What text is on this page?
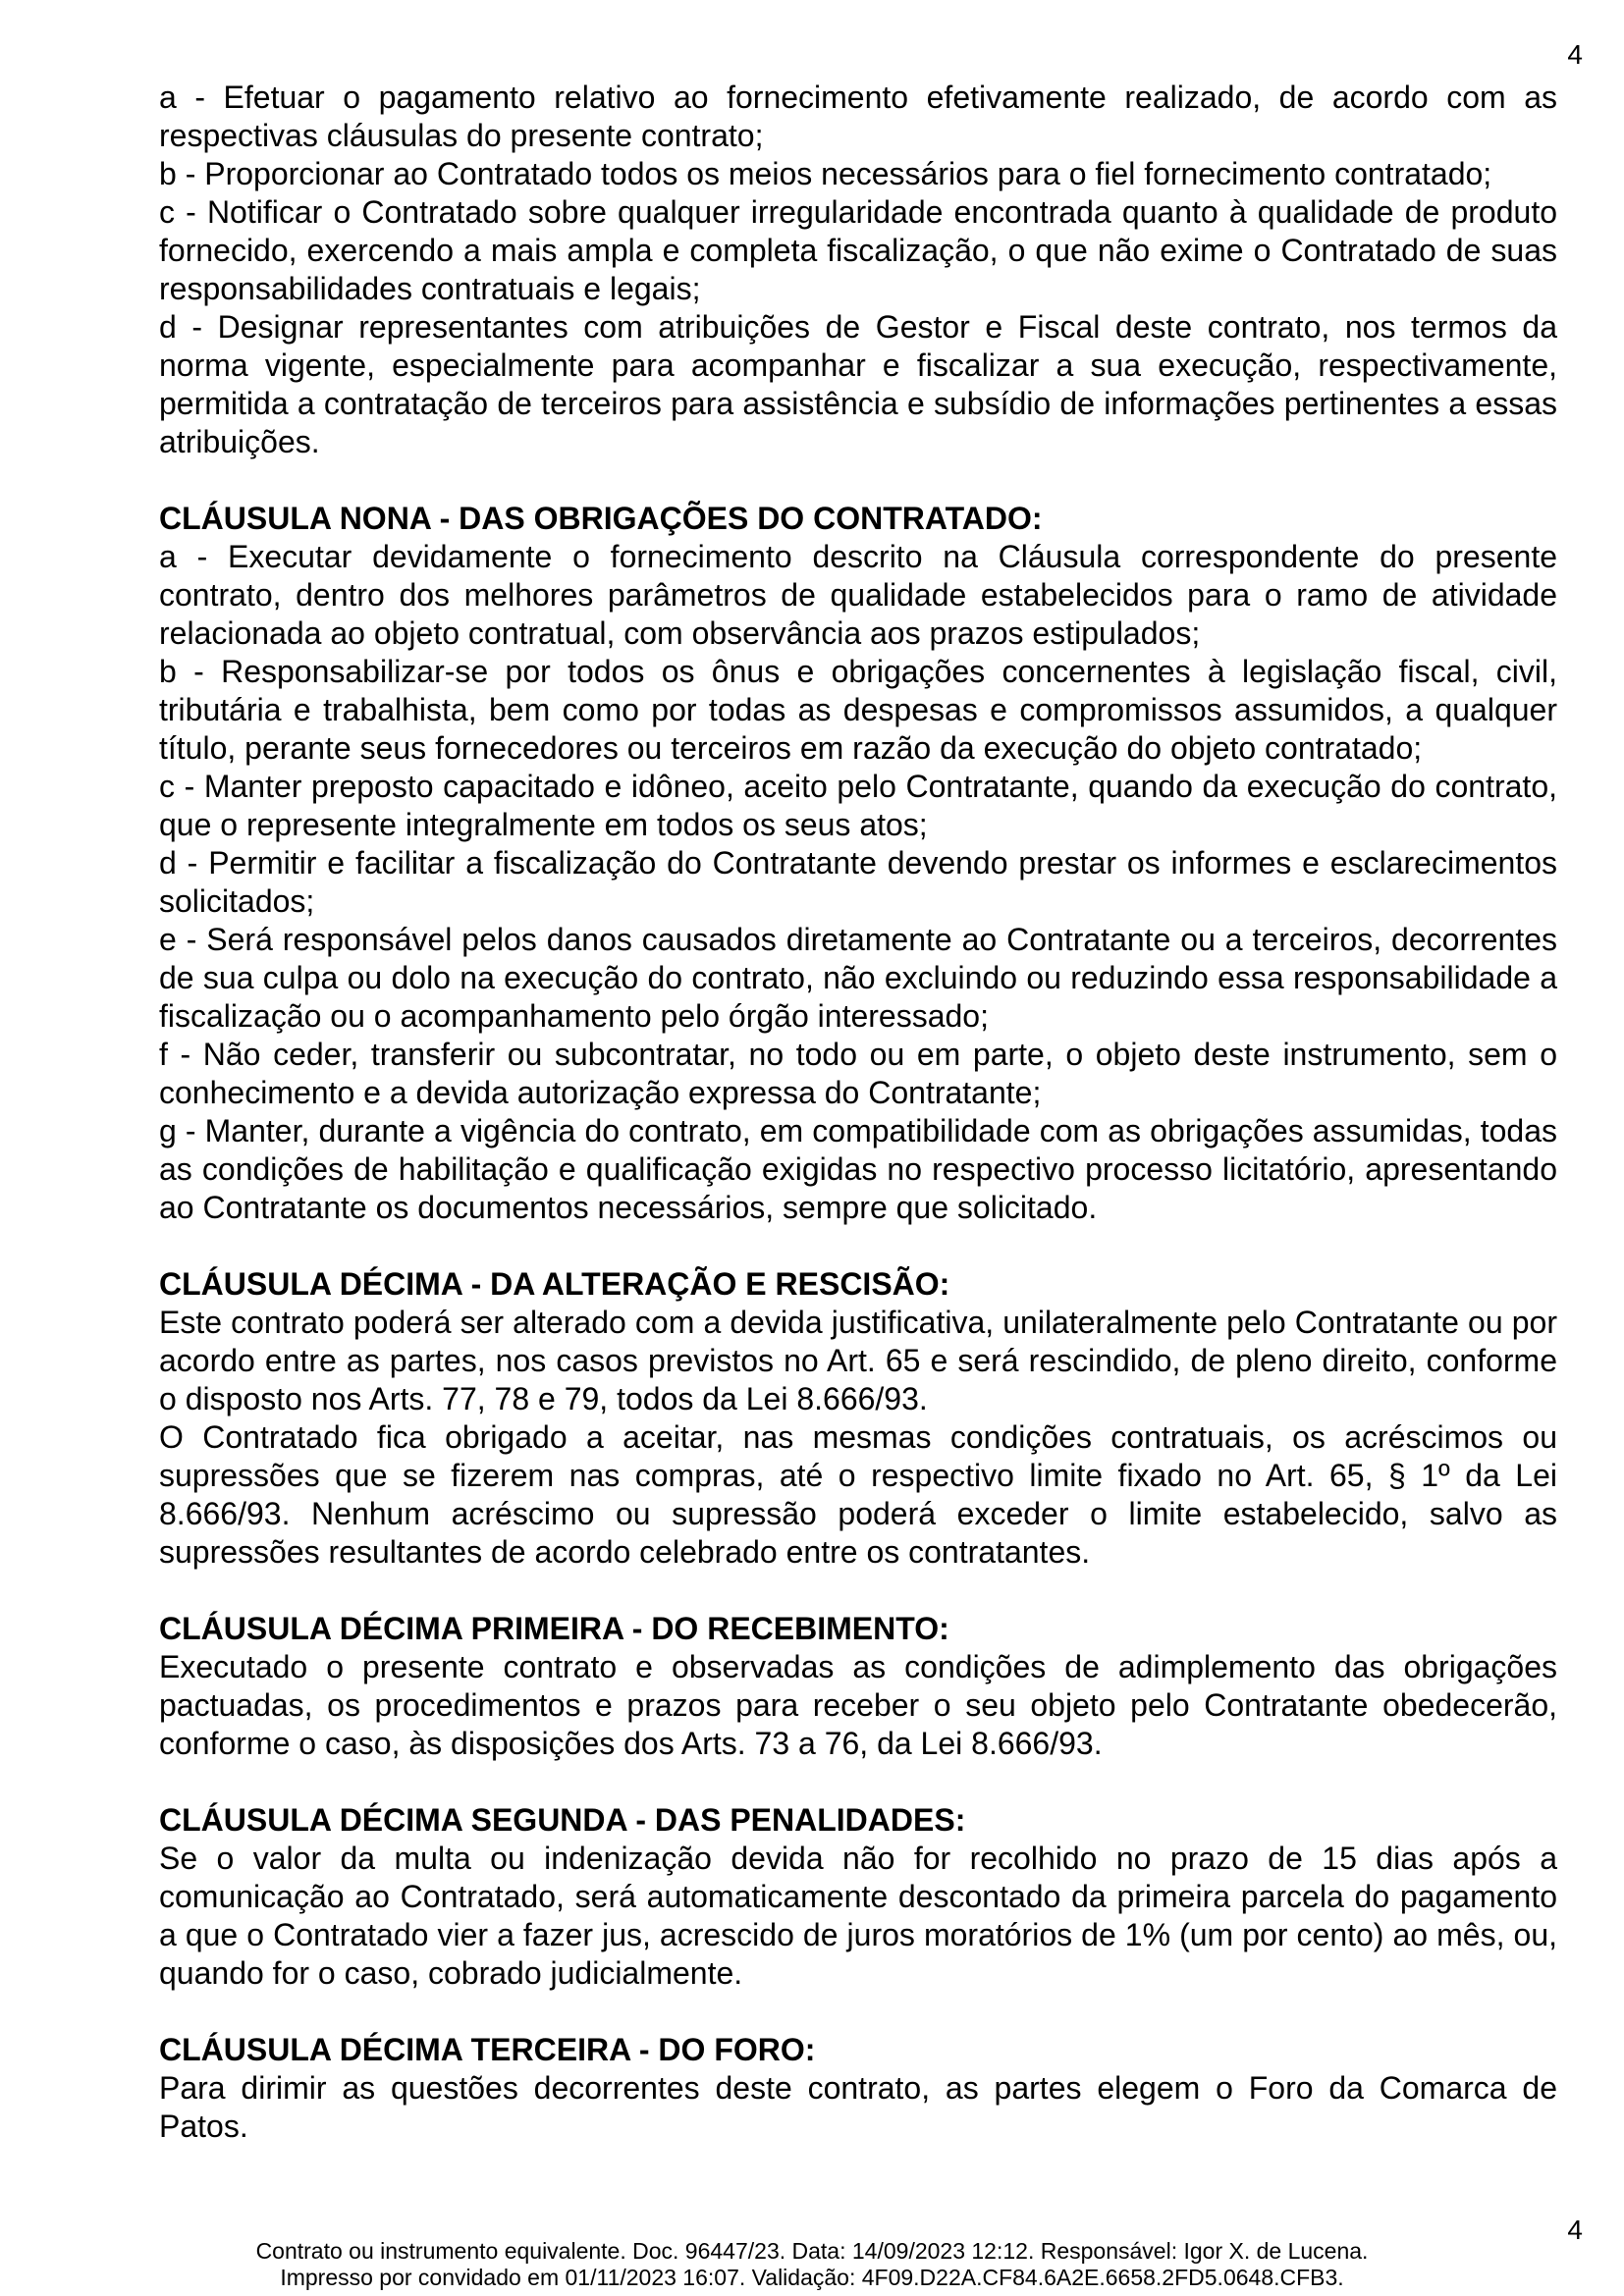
4

a - Efetuar o pagamento relativo ao fornecimento efetivamente realizado, de acordo com as respectivas cláusulas do presente contrato;

b - Proporcionar ao Contratado todos os meios necessários para o fiel fornecimento contratado;

c - Notificar o Contratado sobre qualquer irregularidade encontrada quanto à qualidade de produto fornecido, exercendo a mais ampla e completa fiscalização, o que não exime o Contratado de suas responsabilidades contratuais e legais;

d - Designar representantes com atribuições de Gestor e Fiscal deste contrato, nos termos da norma vigente, especialmente para acompanhar e fiscalizar a sua execução, respectivamente, permitida a contratação de terceiros para assistência e subsídio de informações pertinentes a essas atribuições.

CLÁUSULA NONA - DAS OBRIGAÇÕES DO CONTRATADO:

a - Executar devidamente o fornecimento descrito na Cláusula correspondente do presente contrato, dentro dos melhores parâmetros de qualidade estabelecidos para o ramo de atividade relacionada ao objeto contratual, com observância aos prazos estipulados;

b - Responsabilizar-se por todos os ônus e obrigações concernentes à legislação fiscal, civil, tributária e trabalhista, bem como por todas as despesas e compromissos assumidos, a qualquer título, perante seus fornecedores ou terceiros em razão da execução do objeto contratado;

c - Manter preposto capacitado e idôneo, aceito pelo Contratante, quando da execução do contrato, que o represente integralmente em todos os seus atos;

d - Permitir e facilitar a fiscalização do Contratante devendo prestar os informes e esclarecimentos solicitados;

e - Será responsável pelos danos causados diretamente ao Contratante ou a terceiros, decorrentes de sua culpa ou dolo na execução do contrato, não excluindo ou reduzindo essa responsabilidade a fiscalização ou o acompanhamento pelo órgão interessado;

f - Não ceder, transferir ou subcontratar, no todo ou em parte, o objeto deste instrumento, sem o conhecimento e a devida autorização expressa do Contratante;

g - Manter, durante a vigência do contrato, em compatibilidade com as obrigações assumidas, todas as condições de habilitação e qualificação exigidas no respectivo processo licitatório, apresentando ao Contratante os documentos necessários, sempre que solicitado.

CLÁUSULA DÉCIMA - DA ALTERAÇÃO E RESCISÃO:

Este contrato poderá ser alterado com a devida justificativa, unilateralmente pelo Contratante ou por acordo entre as partes, nos casos previstos no Art. 65 e será rescindido, de pleno direito, conforme o disposto nos Arts. 77, 78 e 79, todos da Lei 8.666/93.

O Contratado fica obrigado a aceitar, nas mesmas condições contratuais, os acréscimos ou supressões que se fizerem nas compras, até o respectivo limite fixado no Art. 65, § 1º da Lei 8.666/93. Nenhum acréscimo ou supressão poderá exceder o limite estabelecido, salvo as supressões resultantes de acordo celebrado entre os contratantes.

CLÁUSULA DÉCIMA PRIMEIRA - DO RECEBIMENTO:

Executado o presente contrato e observadas as condições de adimplemento das obrigações pactuadas, os procedimentos e prazos para receber o seu objeto pelo Contratante obedecerão, conforme o caso, às disposições dos Arts. 73 a 76, da Lei 8.666/93.

CLÁUSULA DÉCIMA SEGUNDA - DAS PENALIDADES:

Se o valor da multa ou indenização devida não for recolhido no prazo de 15 dias após a comunicação ao Contratado, será automaticamente descontado da primeira parcela do pagamento a que o Contratado vier a fazer jus, acrescido de juros moratórios de 1% (um por cento) ao mês, ou, quando for o caso, cobrado judicialmente.

CLÁUSULA DÉCIMA TERCEIRA - DO FORO:

Para dirimir as questões decorrentes deste contrato, as partes elegem o Foro da Comarca de Patos.

4
Contrato ou instrumento equivalente. Doc. 96447/23. Data: 14/09/2023 12:12. Responsável: Igor X. de Lucena.
Impresso por convidado em 01/11/2023 16:07. Validação: 4F09.D22A.CF84.6A2E.6658.2FD5.0648.CFB3.
